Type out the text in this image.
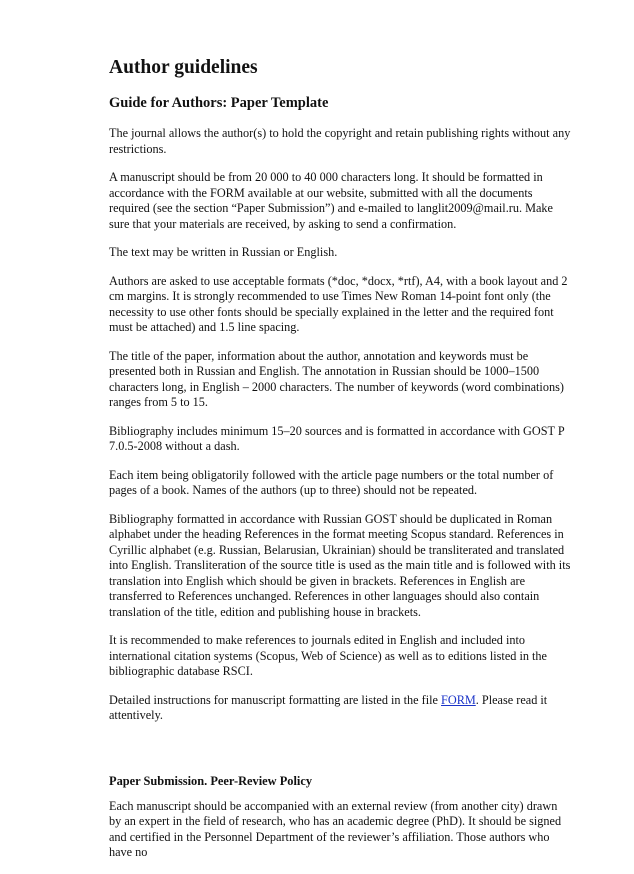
Author guidelines
Guide for Authors: Paper Template

The journal allows the author(s) to hold the copyright and retain publishing rights without any restrictions.

A manuscript should be from 20 000 to 40 000 characters long. It should be formatted in accordance with the FORM available at our website, submitted with all the documents required (see the section “Paper Submission”) and e-mailed to langlit2009@mail.ru. Make sure that your materials are received, by asking to send a confirmation.

The text may be written in Russian or English.

Authors are asked to use acceptable formats (*doc, *docx, *rtf), A4, with a book layout and 2 cm margins. It is strongly recommended to use Times New Roman 14-point font only (the necessity to use other fonts should be specially explained in the letter and the required font must be attached) and 1.5 line spacing.

The title of the paper, information about the author, annotation and keywords must be presented both in Russian and English. The annotation in Russian should be 1000–1500 characters long, in English – 2000 characters. The number of keywords (word combinations) ranges from 5 to 15.

Bibliography includes minimum 15–20 sources and is formatted in accordance with GOST P 7.0.5-2008 without a dash.

Each item being obligatorily followed with the article page numbers or the total number of pages of a book. Names of the authors (up to three) should not be repeated.

Bibliography formatted in accordance with Russian GOST should be duplicated in Roman alphabet under the heading References in the format meeting Scopus standard. References in Cyrillic alphabet (e.g. Russian, Belarusian, Ukrainian) should be transliterated and translated into English. Transliteration of the source title is used as the main title and is followed with its translation into English which should be given in brackets. References in English are transferred to References unchanged. References in other languages should also contain translation of the title, edition and publishing house in brackets.

It is recommended to make references to journals edited in English and included into international citation systems (Scopus, Web of Science) as well as to editions listed in the bibliographic database RSCI.

Detailed instructions for manuscript formatting are listed in the file FORM. Please read it attentively.

Paper Submission. Peer-Review Policy

Each manuscript should be accompanied with an external review (from another city) drawn by an expert in the field of research, who has an academic degree (PhD). It should be signed and certified in the Personnel Department of the reviewer’s affiliation. Those authors who have no
